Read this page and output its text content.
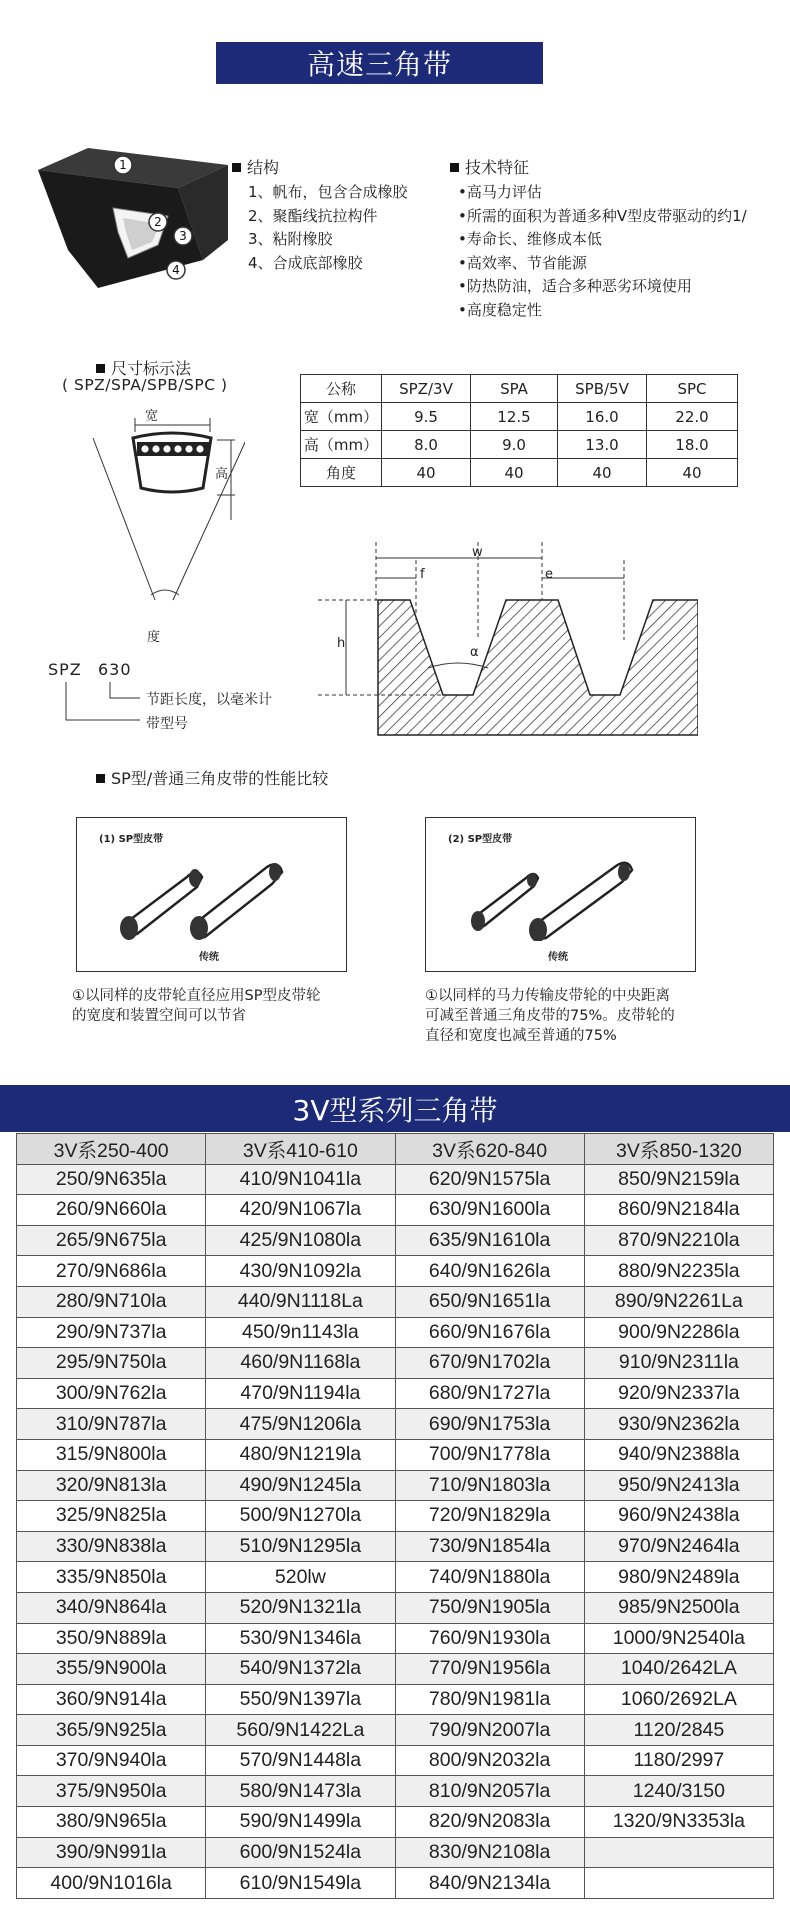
高速三角带
1
2
3
4
结构
1、帆布，包含合成橡胶
2、聚酯线抗拉构件
3、粘附橡胶
4、合成底部橡胶
技术特征
•高马力评估
•所需的面积为普通多种V型皮带驱动的约1/
•寿命长、维修成本低
•高效率、节省能源
•防热防油，适合多种恶劣环境使用
•高度稳定性
尺寸标示法
( SPZ/SPA/SPB/SPC )
宽
高
度
SPZ 630
节距长度，以毫米计
带型号
公称	SPZ/3V	SPA	SPB/5V	SPC
宽（mm）	9.5	12.5	16.0	22.0
高（mm）	8.0	9.0	13.0	18.0
角度	40	40	40	40
w
f	e
h
α
SP型/普通三角皮带的性能比较
(1) SP型皮带
传统
(2) SP型皮带
传统
①以同样的皮带轮直径应用SP型皮带轮
的宽度和装置空间可以节省
①以同样的马力传输皮带轮的中央距离
可减至普通三角皮带的75%。皮带轮的
直径和宽度也减至普通的75%
3V型系列三角带
3V系250-400	3V系410-610	3V系620-840	3V系850-1320
250/9N635la	410/9N1041la	620/9N1575la	850/9N2159la
260/9N660la	420/9N1067la	630/9N1600la	860/9N2184la
265/9N675la	425/9N1080la	635/9N1610la	870/9N2210la
270/9N686la	430/9N1092la	640/9N1626la	880/9N2235la
280/9N710la	440/9N1118La	650/9N1651la	890/9N2261La
290/9N737la	450/9n1143la	660/9N1676la	900/9N2286la
295/9N750la	460/9N1168la	670/9N1702la	910/9N2311la
300/9N762la	470/9N1194la	680/9N1727la	920/9N2337la
310/9N787la	475/9N1206la	690/9N1753la	930/9N2362la
315/9N800la	480/9N1219la	700/9N1778la	940/9N2388la
320/9N813la	490/9N1245la	710/9N1803la	950/9N2413la
325/9N825la	500/9N1270la	720/9N1829la	960/9N2438la
330/9N838la	510/9N1295la	730/9N1854la	970/9N2464la
335/9N850la	520lw	740/9N1880la	980/9N2489la
340/9N864la	520/9N1321la	750/9N1905la	985/9N2500la
350/9N889la	530/9N1346la	760/9N1930la	1000/9N2540la
355/9N900la	540/9N1372la	770/9N1956la	1040/2642LA
360/9N914la	550/9N1397la	780/9N1981la	1060/2692LA
365/9N925la	560/9N1422La	790/9N2007la	1120/2845
370/9N940la	570/9N1448la	800/9N2032la	1180/2997
375/9N950la	580/9N1473la	810/9N2057la	1240/3150
380/9N965la	590/9N1499la	820/9N2083la	1320/9N3353la
390/9N991la	600/9N1524la	830/9N2108la	
400/9N1016la	610/9N1549la	840/9N2134la	
